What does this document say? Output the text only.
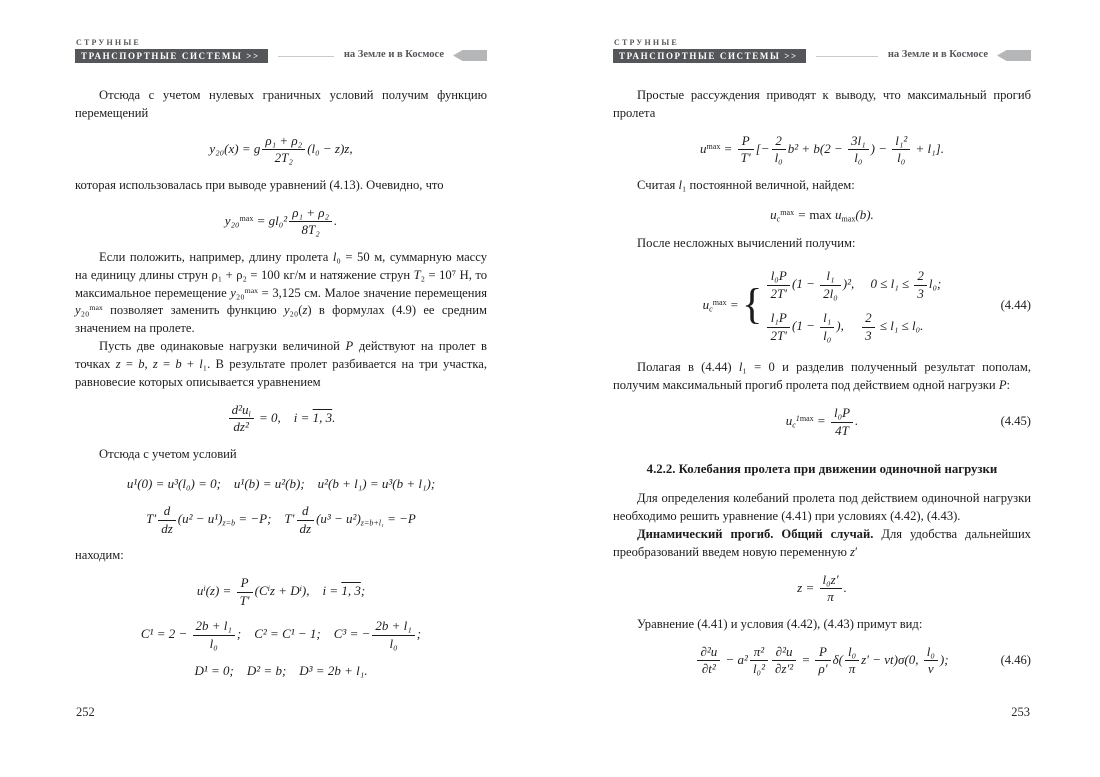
СТРУННЫЕ
ТРАНСПОРТНЫЕ СИСТЕМЫ >>	на Земле и в Космосе

Отсюда с учетом нулевых граничных условий получим функцию перемещений

y₂₀(x) = g $\frac{\text{ρ₁ + ρ₂}}{\text{2T₂}} (l_0 - z)z$,

которая использовалась при выводе уравнений (4.13). Очевидно, что

$y_{20}^{max} = gl_0^2 \frac{\text{ρ₁ + ρ₂}}{\text{8T₂}}$ .

Если положить, например, длину пролета l₀ = 50 м, суммарную массу на единицу длины струн ρ₁ + ρ₂ = 100 кг/м и натяжение струн T₂ = 10⁷ Н, то максимальное перемещение y₂₀$^{max}$ = 3,125 см. Малое значение перемещения y₂₀$^{max}$ позволяет заменить функцию y₂₀(z) в формулах (4.9) ее средним значением на пролете.

Пусть две одинаковые нагрузки величиной P действуют на пролет в точках z = b, z = b + l₁. В результате пролет разбивается на три участка, равновесие которых описывается уравнением

$\frac{d^2u_i}{\text{dz²}} = 0$, i = 1, 3.

Отсюда с учетом условий

u¹(0) = u³(l₀) = 0; u¹(b) = u²(b); u²(b + l₁) = u³(b + l₁);
$T' \frac{d}{dz} (u^2 - u^1)_{z=b} = -P$; $T' \frac{d}{dz} (u^3 - u^2)_{z=b+l_1} = -P$

находим:

$u^i(z) = \frac{P}{T'} (C^iz + D^i)$, i = 1, 3;
$C^1 = 2 - \frac{\text{2b + l₁}}{\text{l₀}}$ ; C² = C¹ − 1; C³ = − $\frac{\text{2b + l₁}}{\text{l₀}}$ ;
D¹ = 0; D² = b; D³ = 2b + l₁.
252
СТРУННЫЕ
ТРАНСПОРТНЫЕ СИСТЕМЫ >>	на Земле и в Космосе

Простые рассуждения приводят к выводу, что максимальный прогиб пролета

$u^{max} = \frac{P}{T'}$ [− $\frac{2}{\text{l₀}} b^2 + b(2 - \frac{\text{3l₁}}{\text{l₀}}$ ) − $\frac{\text{l₁²}}{\text{l₀}} + l_1$].

Считая l₁ постоянной величной, найдем:

$u_c^{max} = \max u_{max}(b)$.

После несложных вычислений получим:

$u_c^{max}$ = { $\frac{\text{l₀P}}{2T'} (1 - \frac{\text{l₁}}{\text{2l₀}} )^2$,  $0 \le l_1 \le \frac{2}{3} l_0$;
$\frac{\text{l₁P}}{2T'} (1 - \frac{\text{l₁}}{\text{l₀}}$ ),  $\frac{2}{3} \le l_1 \le l_0$.
(4.44)

Полагая в (4.44) l₁ = 0 и разделив полученный результат пополам, получим максимальный прогиб пролета под действием одной нагрузки P:

$u_c^{1max} = \frac{\text{l₀P}}{4T}$ .	(4.45)
4.2.2. Колебания пролета при движении одиночной нагрузки

Для определения колебаний пролета под действием одиночной нагрузки необходимо решить уравнение (4.41) при условиях (4.42), (4.43).

Динамический прогиб. Общий случай. Для удобства дальнейших преобразований введем новую переменную z′

$z = \frac{\text{l₀z′}}{\pi}$ .

Уравнение (4.41) и условия (4.42), (4.43) примут вид:

$\frac{\text{∂²u}}{\text{∂t²}} - a^2 \frac{\text{π²}}{\text{l₀²}} \frac{\text{∂²u}}{\text{∂z′²}} = \frac{P}{\rho'} \delta( \frac{\text{l₀}}{\pi} z' - vt)\sigma(0$, $\frac{\text{l₀}}{v}$ );	(4.46)
253
